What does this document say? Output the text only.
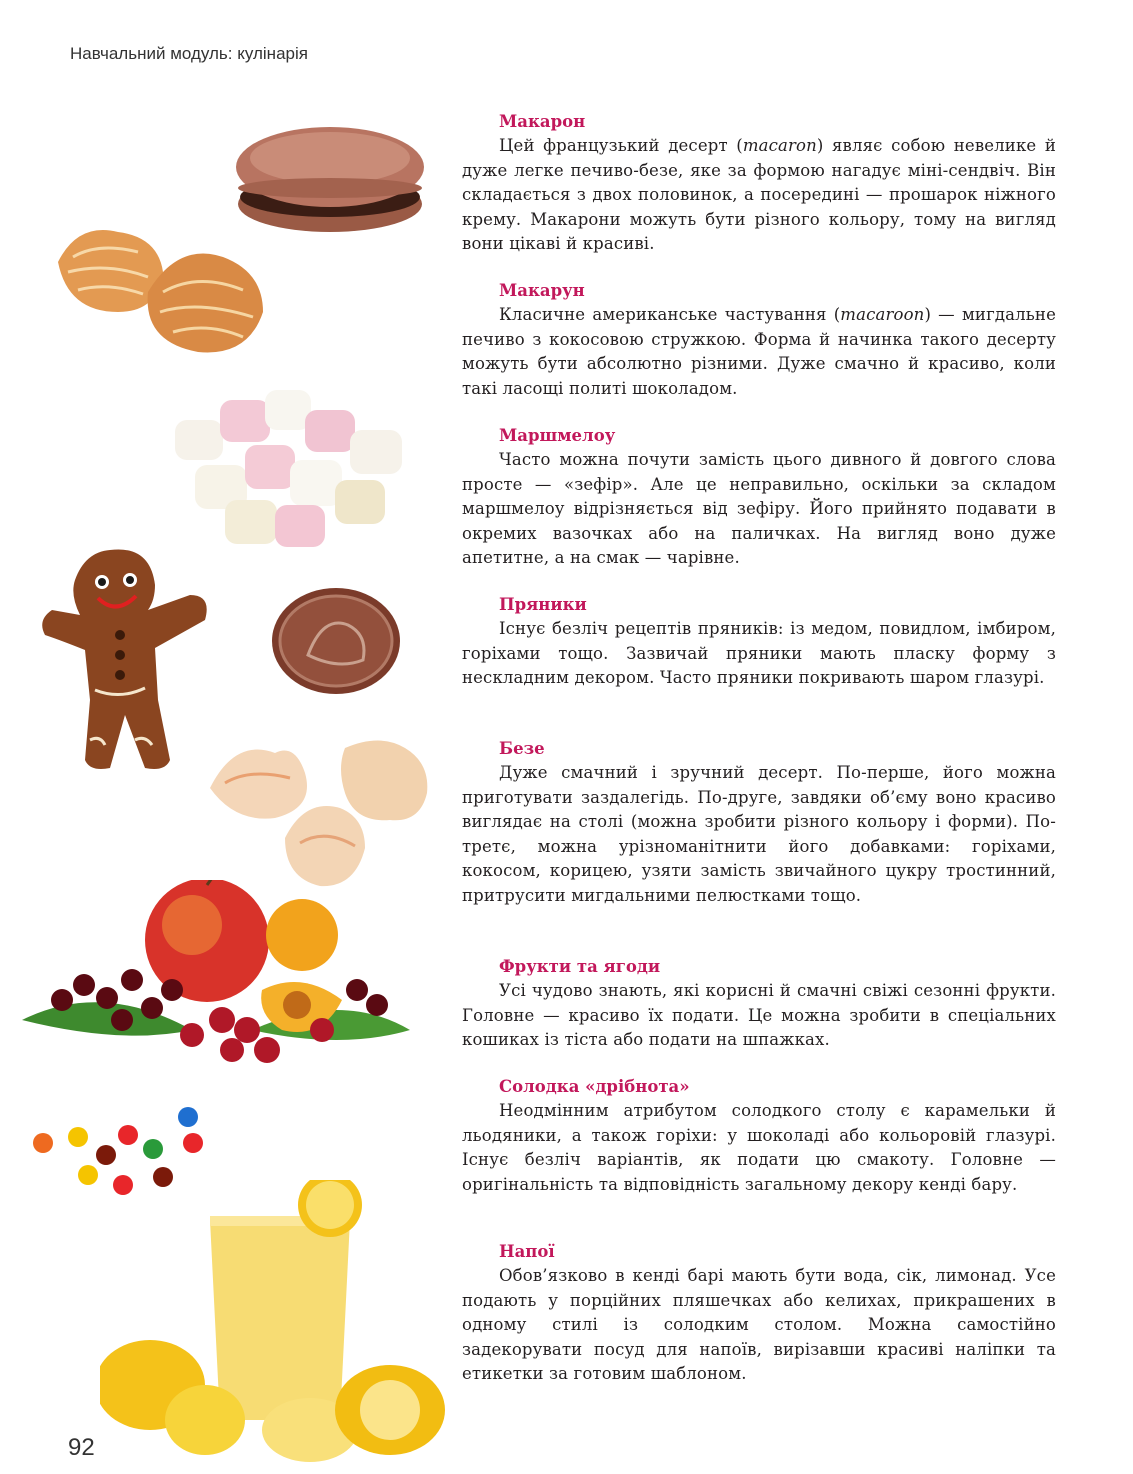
Навчальний модуль: кулінарія
Макарон

Цей французький десерт (macaron) являє собою невелике й дуже легке печиво-безе, яке за формою нагадує міні-сендвіч. Він складається з двох половинок, а посередині — прошарок ніжного крему. Макарони можуть бути різного кольору, тому на вигляд вони цікаві й красиві.

Макарун

Класичне американське частування (macaroon) — мигдальне печиво з кокосовою стружкою. Форма й начинка такого десерту можуть бути абсолютно різними. Дуже смачно й красиво, коли такі ласощі политі шоколадом.

Маршмелоу

Часто можна почути замість цього дивного й довгого слова просте — «зефір». Але це неправильно, оскільки за складом маршмелоу відрізняється від зефіру. Його прийнято подавати в окремих вазочках або на паличках. На вигляд воно дуже апетитне, а на смак — чарівне.

Пряники

Існує безліч рецептів пряників: із медом, повидлом, імбиром, горіхами тощо. Зазвичай пряники мають пласку форму з нескладним декором. Часто пряники покривають шаром глазурі.

Безе

Дуже смачний і зручний десерт. По-перше, його можна приготувати заздалегідь. По-друге, завдяки об’єму воно красиво виглядає на столі (можна зробити різного кольору і форми). По-третє, можна урізноманітнити його добавками: горіхами, кокосом, корицею, узяти замість звичайного цукру тростинний, притрусити мигдальними пелюстками тощо.

Фрукти та ягоди

Усі чудово знають, які корисні й смачні свіжі сезонні фрукти. Головне — красиво їх подати. Це можна зробити в спеціальних кошиках із тіста або подати на шпажках.

Солодка «дрібнота»

Неодмінним атрибутом солодкого столу є карамельки й льодяники, а також горіхи: у шоколаді або кольоровій глазурі. Існує безліч варіантів, як подати цю смакоту. Головне — оригінальність та відповідність загальному декору кенді бару.

Напої

Обов’язково в кенді барі мають бути вода, сік, лимонад. Усе подають у порційних пляшечках або келихах, прикрашених в одному стилі із солодким столом. Можна самостійно задекорувати посуд для напоїв, вирізавши красиві наліпки та етикетки за готовим шаблоном.

92
